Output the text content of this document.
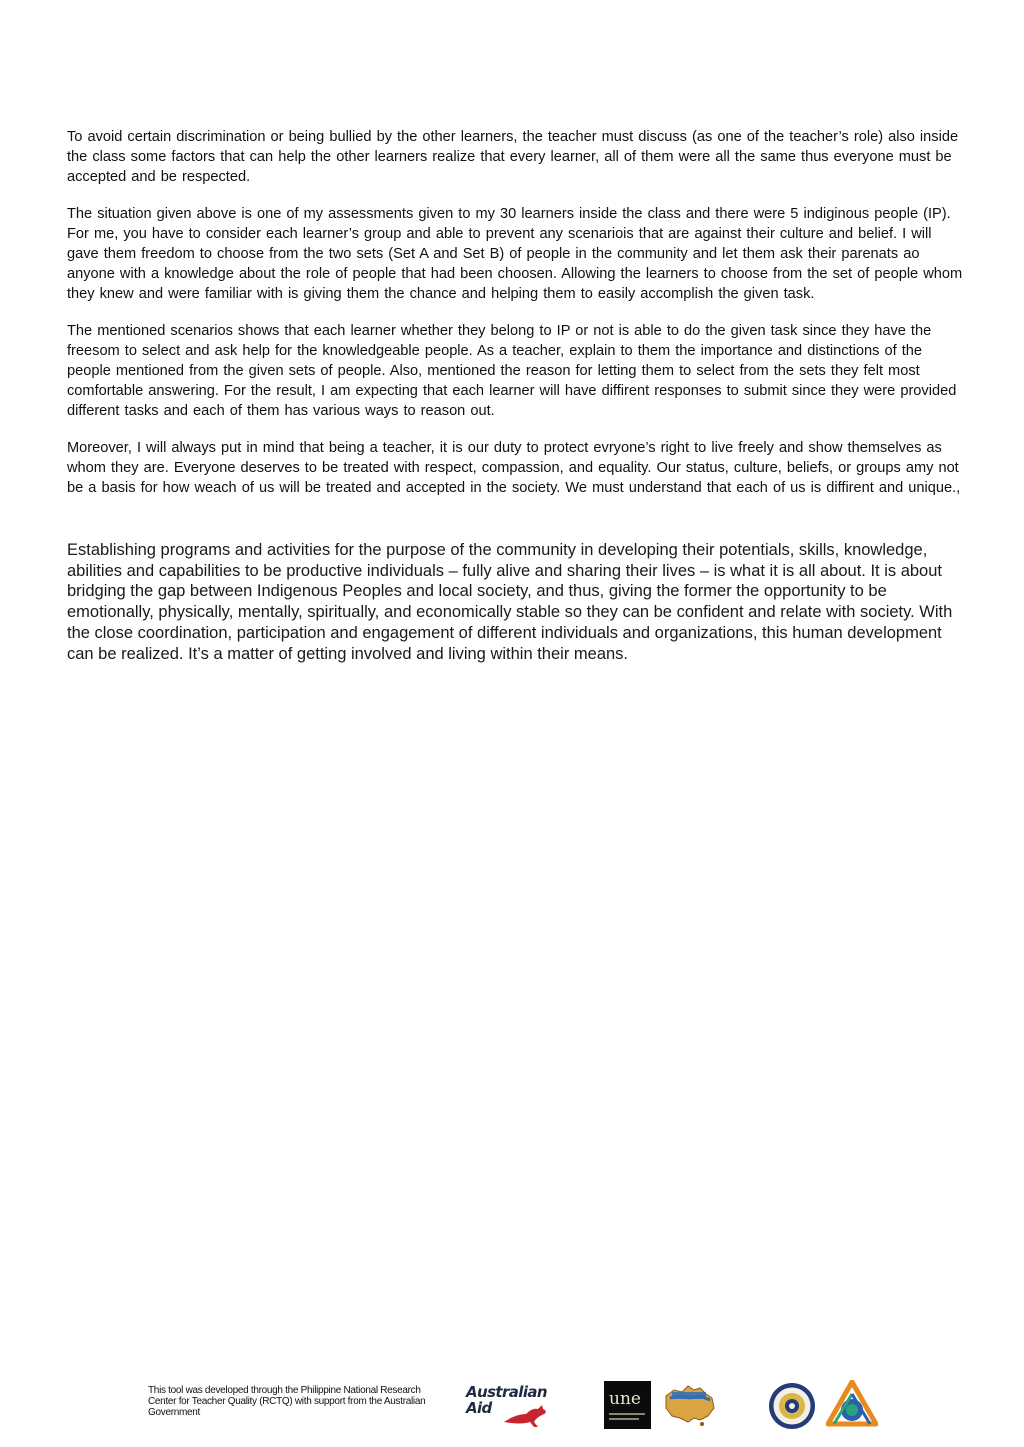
To avoid certain discrimination or being bullied by the other learners, the teacher must discuss (as one of the teacher’s role) also inside the class some factors that can help the other learners realize that every learner, all of them were all the same thus everyone must be accepted and be respected.

The situation given above is one of my assessments given to my 30 learners inside the class and there were 5 indiginous people (IP). For me, you have to consider each learner’s group and able to prevent any scenariois that are against their culture and belief. I will gave them freedom to choose from the two sets (Set A and Set B) of people in the community and let them ask their parenats ao anyone with a knowledge about the role of people that had been choosen. Allowing the learners to choose from the set of people whom they knew and were familiar with is giving them the chance and helping them to easily accomplish the given task.

The mentioned scenarios shows that each learner whether they belong to IP or not is able to do the given task since they have the freesom to select and ask help for the knowledgeable people. As a teacher, explain to them the importance and distinctions of the people mentioned from the given sets of people. Also, mentioned the reason for letting them to select from the sets they felt most comfortable answering. For the result, I am expecting that each learner will have diffirent responses to submit since they were provided different tasks and each of them has various ways to reason out.

Moreover, I will always put in mind that being a teacher, it is our duty to protect evryone’s right to live freely and show themselves as whom they are. Everyone deserves to be treated with respect, compassion, and equality. Our status, culture, beliefs, or groups amy not be a basis for how weach of us will be treated and accepted in the society. We must understand that each of us is diffirent and unique.,

Establishing programs and activities for the purpose of the community in developing their potentials, skills, knowledge, abilities and capabilities to be productive individuals – fully alive and sharing their lives – is what it is all about. It is about bridging the gap between Indigenous Peoples and local society, and thus, giving the former the opportunity to be emotionally, physically, mentally, spiritually, and economically stable so they can be confident and relate with society. With the close coordination, participation and engagement of different individuals and organizations, this human development can be realized. It’s a matter of getting involved and living within their means.

This tool was developed through the Philippine National Research Center for Teacher Quality (RCTQ) with support from the Australian Government
Australian
Aid	une
